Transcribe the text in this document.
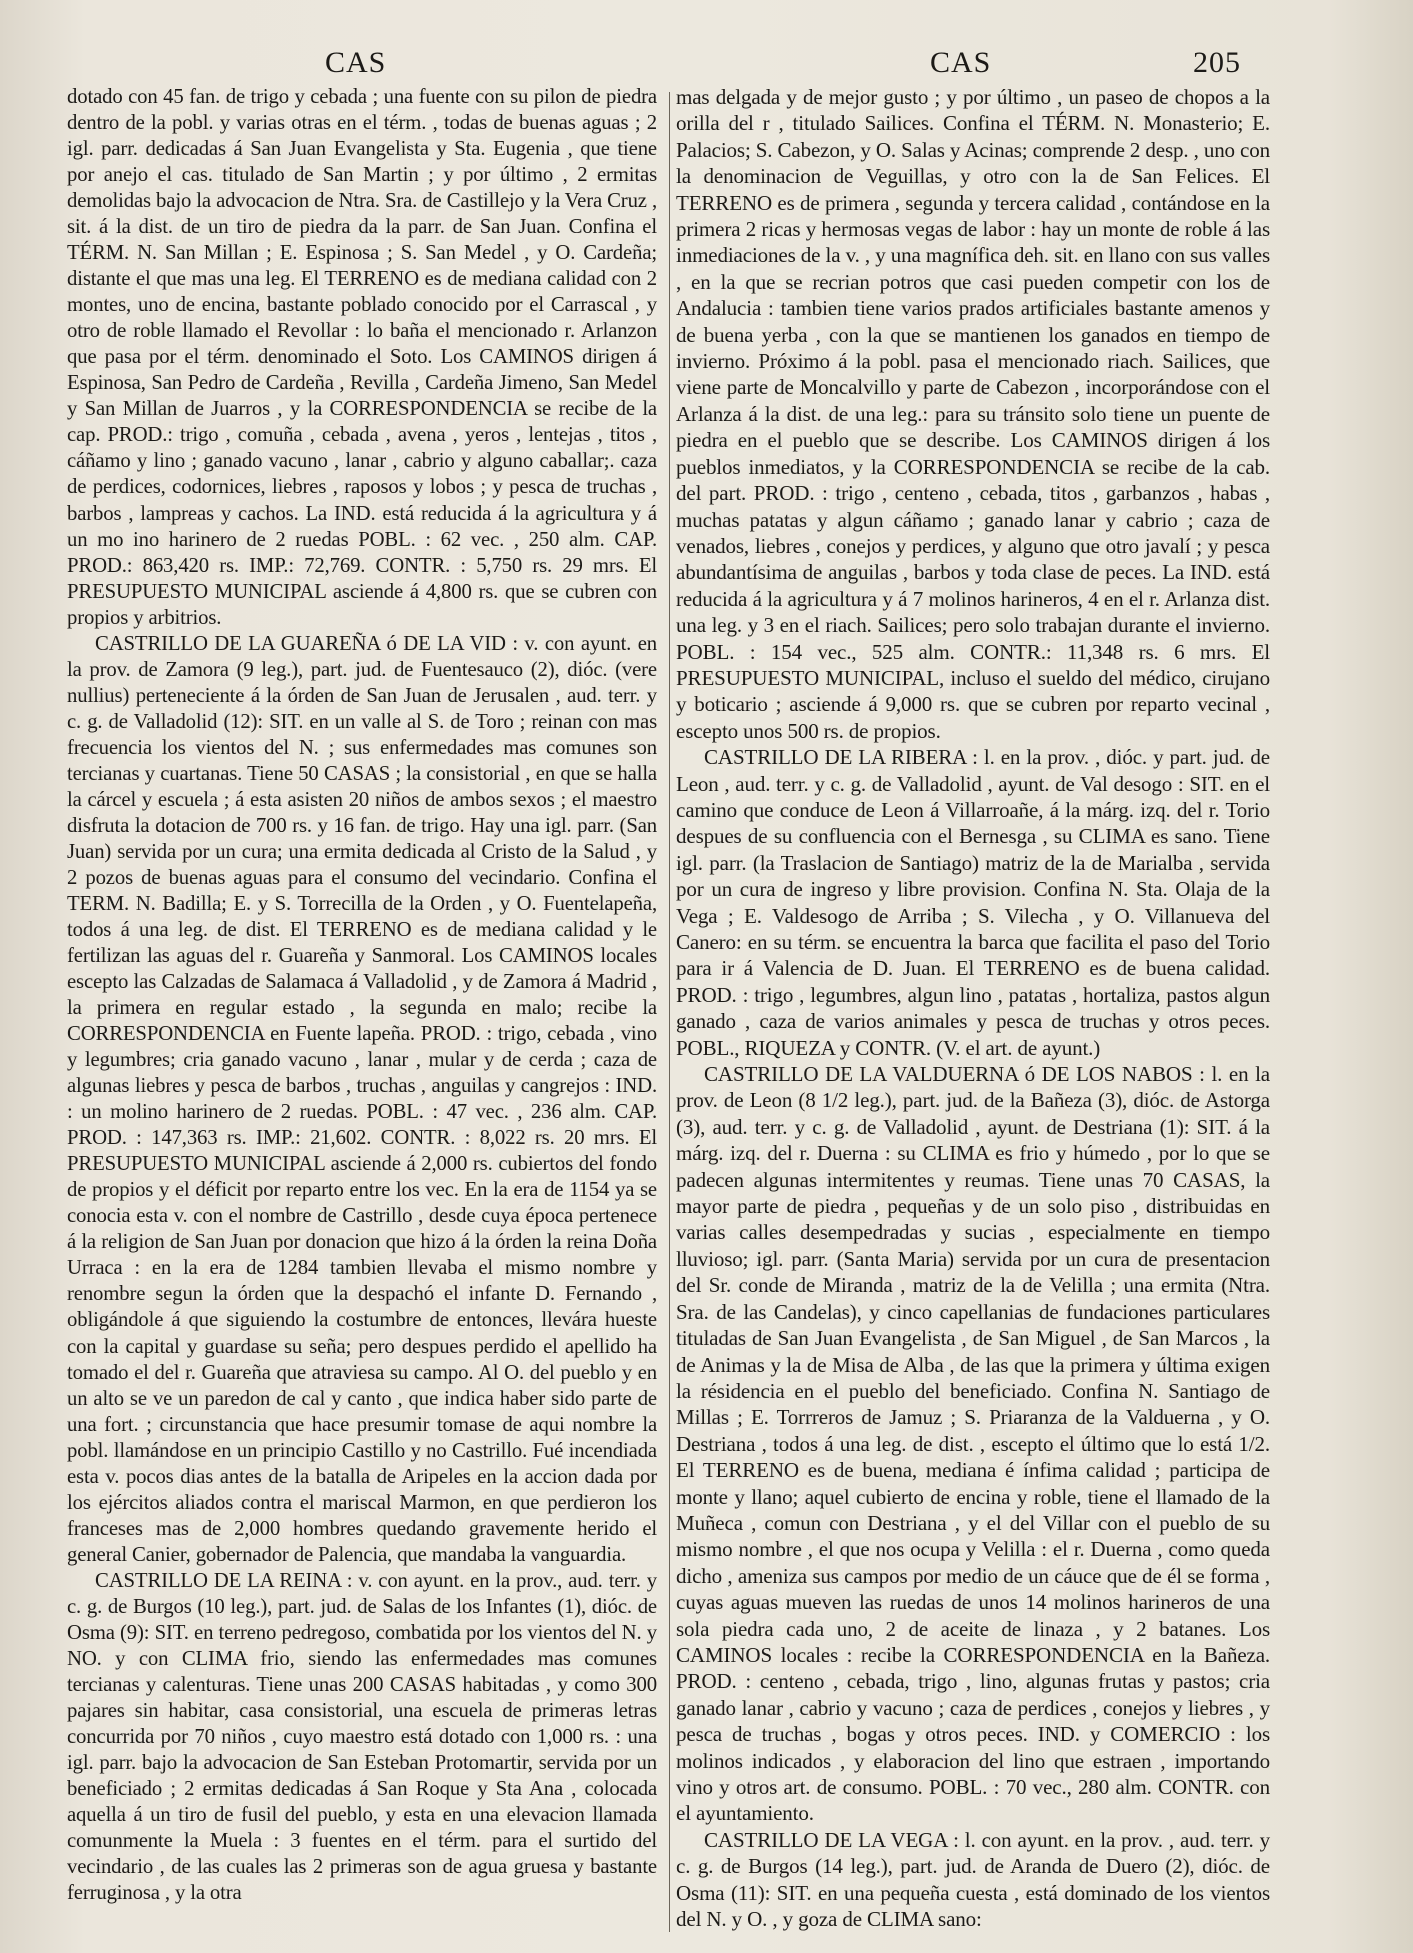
CAS	CAS	205

dotado con 45 fan. de trigo y cebada ; una fuente con su pilon de piedra dentro de la pobl. y varias otras en el térm. , todas de buenas aguas ; 2 igl. parr. dedicadas á San Juan Evangelista y Sta. Eugenia , que tiene por anejo el cas. titulado de San Martin ; y por último , 2 ermitas demolidas bajo la advocacion de Ntra. Sra. de Castillejo y la Vera Cruz , sit. á la dist. de un tiro de piedra da la parr. de San Juan. Confina el TÉRM. N. San Millan ; E. Espinosa ; S. San Medel , y O. Cardeña; distante el que mas una leg. El TERRENO es de mediana calidad con 2 montes, uno de encina, bastante poblado conocido por el Carrascal , y otro de roble llamado el Revollar : lo baña el mencionado r. Arlanzon que pasa por el térm. denominado el Soto. Los CAMINOS dirigen á Espinosa, San Pedro de Cardeña , Revilla , Cardeña Jimeno, San Medel y San Millan de Juarros , y la CORRESPONDENCIA se recibe de la cap. PROD.: trigo , comuña , cebada , avena , yeros , lentejas , titos , cáñamo y lino ; ganado vacuno , lanar , cabrio y alguno caballar;. caza de perdices, codornices, liebres , raposos y lobos ; y pesca de truchas , barbos , lampreas y cachos. La IND. está reducida á la agricultura y á un mo ino harinero de 2 ruedas POBL. : 62 vec. , 250 alm. CAP. PROD.: 863,420 rs. IMP.: 72,769. CONTR. : 5,750 rs. 29 mrs. El PRESUPUESTO MUNICIPAL asciende á 4,800 rs. que se cubren con propios y arbitrios.

CASTRILLO DE LA GUAREÑA ó DE LA VID : v. con ayunt. en la prov. de Zamora (9 leg.), part. jud. de Fuentesauco (2), dióc. (vere nullius) perteneciente á la órden de San Juan de Jerusalen , aud. terr. y c. g. de Valladolid (12): SIT. en un valle al S. de Toro ; reinan con mas frecuencia los vientos del N. ; sus enfermedades mas comunes son tercianas y cuartanas. Tiene 50 CASAS ; la consistorial , en que se halla la cárcel y escuela ; á esta asisten 20 niños de ambos sexos ; el maestro disfruta la dotacion de 700 rs. y 16 fan. de trigo. Hay una igl. parr. (San Juan) servida por un cura; una ermita dedicada al Cristo de la Salud , y 2 pozos de buenas aguas para el consumo del vecindario. Confina el TERM. N. Badilla; E. y S. Torrecilla de la Orden , y O. Fuentelapeña, todos á una leg. de dist. El TERRENO es de mediana calidad y le fertilizan las aguas del r. Guareña y Sanmoral. Los CAMINOS locales escepto las Calzadas de Salamaca á Valladolid , y de Zamora á Madrid , la primera en regular estado , la segunda en malo; recibe la CORRESPONDENCIA en Fuente lapeña. PROD. : trigo, cebada , vino y legumbres; cria ganado vacuno , lanar , mular y de cerda ; caza de algunas liebres y pesca de barbos , truchas , anguilas y cangrejos : IND. : un molino harinero de 2 ruedas. POBL. : 47 vec. , 236 alm. CAP. PROD. : 147,363 rs. IMP.: 21,602. CONTR. : 8,022 rs. 20 mrs. El PRESUPUESTO MUNICIPAL asciende á 2,000 rs. cubiertos del fondo de propios y el déficit por reparto entre los vec. En la era de 1154 ya se conocia esta v. con el nombre de Castrillo , desde cuya época pertenece á la religion de San Juan por donacion que hizo á la órden la reina Doña Urraca : en la era de 1284 tambien llevaba el mismo nombre y renombre segun la órden que la despachó el infante D. Fernando , obligándole á que siguiendo la costumbre de entonces, llevára hueste con la capital y guardase su seña; pero despues perdido el apellido ha tomado el del r. Guareña que atraviesa su campo. Al O. del pueblo y en un alto se ve un paredon de cal y canto , que indica haber sido parte de una fort. ; circunstancia que hace presumir tomase de aqui nombre la pobl. llamándose en un principio Castillo y no Castrillo. Fué incendiada esta v. pocos dias antes de la batalla de Aripeles en la accion dada por los ejércitos aliados contra el mariscal Marmon, en que perdieron los franceses mas de 2,000 hombres quedando gravemente herido el general Canier, gobernador de Palencia, que mandaba la vanguardia.

CASTRILLO DE LA REINA : v. con ayunt. en la prov., aud. terr. y c. g. de Burgos (10 leg.), part. jud. de Salas de los Infantes (1), dióc. de Osma (9): SIT. en terreno pedregoso, combatida por los vientos del N. y NO. y con CLIMA frio, siendo las enfermedades mas comunes tercianas y calenturas. Tiene unas 200 CASAS habitadas , y como 300 pajares sin habitar, casa consistorial, una escuela de primeras letras concurrida por 70 niños , cuyo maestro está dotado con 1,000 rs. : una igl. parr. bajo la advocacion de San Esteban Protomartir, servida por un beneficiado ; 2 ermitas dedicadas á San Roque y Sta Ana , colocada aquella á un tiro de fusil del pueblo, y esta en una elevacion llamada comunmente la Muela : 3 fuentes en el térm. para el surtido del vecindario , de las cuales las 2 primeras son de agua gruesa y bastante ferruginosa , y la otra

mas delgada y de mejor gusto ; y por último , un paseo de chopos a la orilla del r , titulado Sailices. Confina el TÉRM. N. Monasterio; E. Palacios; S. Cabezon, y O. Salas y Acinas; comprende 2 desp. , uno con la denominacion de Veguillas, y otro con la de San Felices. El TERRENO es de primera , segunda y tercera calidad , contándose en la primera 2 ricas y hermosas vegas de labor : hay un monte de roble á las inmediaciones de la v. , y una magnífica deh. sit. en llano con sus valles , en la que se recrian potros que casi pueden competir con los de Andalucia : tambien tiene varios prados artificiales bastante amenos y de buena yerba , con la que se mantienen los ganados en tiempo de invierno. Próximo á la pobl. pasa el mencionado riach. Sailices, que viene parte de Moncalvillo y parte de Cabezon , incorporándose con el Arlanza á la dist. de una leg.: para su tránsito solo tiene un puente de piedra en el pueblo que se describe. Los CAMINOS dirigen á los pueblos inmediatos, y la CORRESPONDENCIA se recibe de la cab. del part. PROD. : trigo , centeno , cebada, titos , garbanzos , habas , muchas patatas y algun cáñamo ; ganado lanar y cabrio ; caza de venados, liebres , conejos y perdices, y alguno que otro javalí ; y pesca abundantísima de anguilas , barbos y toda clase de peces. La IND. está reducida á la agricultura y á 7 molinos harineros, 4 en el r. Arlanza dist. una leg. y 3 en el riach. Sailices; pero solo trabajan durante el invierno. POBL. : 154 vec., 525 alm. CONTR.: 11,348 rs. 6 mrs. El PRESUPUESTO MUNICIPAL, incluso el sueldo del médico, cirujano y boticario ; asciende á 9,000 rs. que se cubren por reparto vecinal , escepto unos 500 rs. de propios.

CASTRILLO DE LA RIBERA : l. en la prov. , dióc. y part. jud. de Leon , aud. terr. y c. g. de Valladolid , ayunt. de Val desogo : SIT. en el camino que conduce de Leon á Villarroañe, á la márg. izq. del r. Torio despues de su confluencia con el Bernesga , su CLIMA es sano. Tiene igl. parr. (la Traslacion de Santiago) matriz de la de Marialba , servida por un cura de ingreso y libre provision. Confina N. Sta. Olaja de la Vega ; E. Valdesogo de Arriba ; S. Vilecha , y O. Villanueva del Canero: en su térm. se encuentra la barca que facilita el paso del Torio para ir á Valencia de D. Juan. El TERRENO es de buena calidad. PROD. : trigo , legumbres, algun lino , patatas , hortaliza, pastos algun ganado , caza de varios animales y pesca de truchas y otros peces. POBL., RIQUEZA y CONTR. (V. el art. de ayunt.)

CASTRILLO DE LA VALDUERNA ó DE LOS NABOS : l. en la prov. de Leon (8 1/2 leg.), part. jud. de la Bañeza (3), dióc. de Astorga (3), aud. terr. y c. g. de Valladolid , ayunt. de Destriana (1): SIT. á la márg. izq. del r. Duerna : su CLIMA es frio y húmedo , por lo que se padecen algunas intermitentes y reumas. Tiene unas 70 CASAS, la mayor parte de piedra , pequeñas y de un solo piso , distribuidas en varias calles desempedradas y sucias , especialmente en tiempo lluvioso; igl. parr. (Santa Maria) servida por un cura de presentacion del Sr. conde de Miranda , matriz de la de Velilla ; una ermita (Ntra. Sra. de las Candelas), y cinco capellanias de fundaciones particulares tituladas de San Juan Evangelista , de San Miguel , de San Marcos , la de Animas y la de Misa de Alba , de las que la primera y última exigen la résidencia en el pueblo del beneficiado. Confina N. Santiago de Millas ; E. Torrreros de Jamuz ; S. Priaranza de la Valduerna , y O. Destriana , todos á una leg. de dist. , escepto el último que lo está 1/2. El TERRENO es de buena, mediana é ínfima calidad ; participa de monte y llano; aquel cubierto de encina y roble, tiene el llamado de la Muñeca , comun con Destriana , y el del Villar con el pueblo de su mismo nombre , el que nos ocupa y Velilla : el r. Duerna , como queda dicho , ameniza sus campos por medio de un cáuce que de él se forma , cuyas aguas mueven las ruedas de unos 14 molinos harineros de una sola piedra cada uno, 2 de aceite de linaza , y 2 batanes. Los CAMINOS locales : recibe la CORRESPONDENCIA en la Bañeza. PROD. : centeno , cebada, trigo , lino, algunas frutas y pastos; cria ganado lanar , cabrio y vacuno ; caza de perdices , conejos y liebres , y pesca de truchas , bogas y otros peces. IND. y COMERCIO : los molinos indicados , y elaboracion del lino que estraen , importando vino y otros art. de consumo. POBL. : 70 vec., 280 alm. CONTR. con el ayuntamiento.

CASTRILLO DE LA VEGA : l. con ayunt. en la prov. , aud. terr. y c. g. de Burgos (14 leg.), part. jud. de Aranda de Duero (2), dióc. de Osma (11): SIT. en una pequeña cuesta , está dominado de los vientos del N. y O. , y goza de CLIMA sano:
